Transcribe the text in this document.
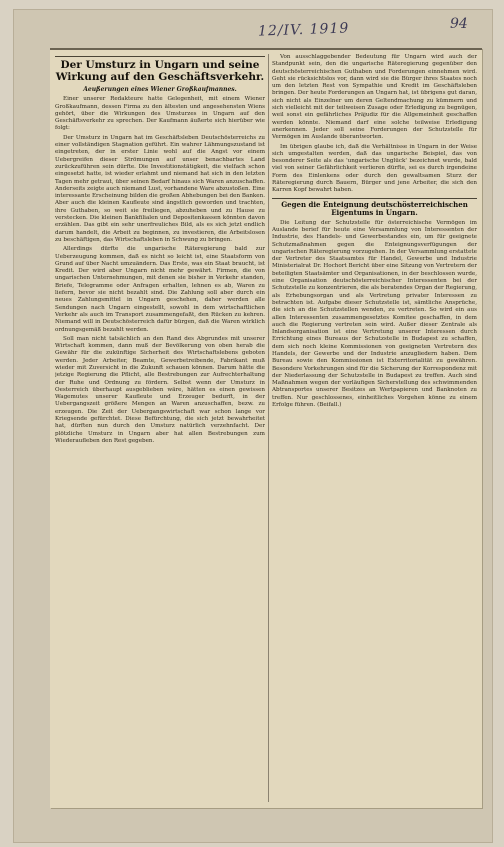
12/IV. 1919	94
Der Umsturz in Ungarn und seine Wirkung auf den Geschäftsverkehr.
Aeußerungen eines Wiener Großkaufmannes.

Einer unserer Redakteure hatte Gelegenheit, mit einem Wiener Großkaufmann, dessen Firma zu den ältesten und angesehensten Wiens gehört, über die Wirkungen des Umsturzes in Ungarn auf den Geschäftsverkehr zu sprechen. Der Kaufmann äußerte sich hierüber wie folgt:

Der Umsturz in Ungarn hat im Geschäftsleben Deutschösterreichs zu einer vollständigen Stagnation geführt. Ein wahrer Lähmungszustand ist eingetreten, der in erster Linie wohl auf die Angst vor einem Uebergreifen dieser Strömungen auf unser benachbartes Land zurückzuführen sein dürfte. Die Investitionstätigkeit, die vielfach schon eingesetzt hatte, ist wieder erlahmt und niemand hat sich in den letzten Tagen mehr getraut, über seinen Bedarf hinaus sich Waren anzuschaffen. Anderseits zeigte auch niemand Lust, vorhandene Ware abzustoßen. Eine interessante Erscheinung bilden die großen Abhebungen bei den Banken. Aber auch die kleinen Kaufleute sind ängstlich geworden und trachten, ihre Guthaben, so weit sie freiliegen, abzuheben und zu Hause zu verstecken. Die kleinen Bankfilialen und Depositenkassen könnten davon erzählen. Das gibt ein sehr unerfreuliches Bild, als es sich jetzt endlich darum handelt, die Arbeit zu beginnen, zu investieren, die Arbeitslosen zu beschäftigen, das Wirtschaftsleben in Schwung zu bringen.

Allerdings dürfte die ungarische Räteregierung bald zur Ueberzeugung kommen, daß es nicht so leicht ist, eine Staatsform von Grund auf über Nacht umzuändern. Das Erste, was ein Staat braucht, ist Kredit. Der wird aber Ungarn nicht mehr gewährt. Firmen, die von ungarischen Unternehmungen, mit denen sie bisher in Verkehr standen, Briefe, Telegramme oder Anfragen erhalten, lehnen es ab, Waren zu liefern, bevor sie nicht bezahlt sind. Die Zahlung soll aber durch ein neues Zahlungsmittel in Ungarn geschehen, daher werden alle Sendungen nach Ungarn eingestellt, sowohl in dem wirtschaftlichen Verkehr als auch im Transport zusammengefaßt, den Rücken zu kehren. Niemand will in Deutschösterreich dafür bürgen, daß die Waren wirklich ordnungsgemäß bezahlt werden.

Soll man nicht tatsächlich an den Rand des Abgrundes mit unserer Wirtschaft kommen, dann muß der Bevölkerung von oben herab die Gewähr für die zukünftige Sicherheit des Wirtschaftslebens geboten werden. Jeder Arbeiter, Beamte, Gewerbetreibende, Fabrikant muß wieder mit Zuversicht in die Zukunft schauen können. Darum hätte die jetzige Regierung die Pflicht, alle Bestrebungen zur Aufrechterhaltung der Ruhe und Ordnung zu fördern. Selbst wenn der Umsturz in Oesterreich überhaupt ausgeblieben wäre, hätten es einen gewissen Wagemutes unserer Kaufleute und Erzeuger bedurft, in der Uebergangszeit größere Mengen an Waren anzuschaffen, bezw. zu erzeugen. Die Zeit der Uebergangswirtschaft war schon lange vor Kriegsende gefürchtet. Diese Befürchtung, die sich jetzt bewahrheitet hat, dürften nun durch den Umsturz natürlich verzehnfacht. Der plötzliche Umsturz in Ungarn aber hat allen Bestrebungen zum Wiederaufleben den Rest gegeben.

Von ausschlaggebender Bedeutung für Ungarn wird auch der Standpunkt sein, den die ungarische Räteregierung gegenüber den deutschösterreichischen Guthaben und Forderungen einnehmen wird. Geht sie rücksichtslos vor, dann wird sie die Bürger ihres Staates noch um den letzten Rest von Sympathie und Kredit im Geschäftsleben bringen. Der heute Forderungen an Ungarn hat, ist übrigens gut daran, sich nicht als Einzelner um deren Geltendmachung zu kümmern und sich vielleicht mit der teilweisen Zusage oder Erledigung zu begnügen, weil sonst ein gefährliches Präjudiz für die Allgemeinheit geschaffen werden könnte. Niemand darf eine solche teilweise Erledigung anerkennen. Jeder soll seine Forderungen der Schutzstelle für Vermögen im Auslande überantworten.

Im übrigen glaube ich, daß die Verhältnisse in Ungarn in der Weise sich umgestalten werden, daß das ungarische Beispiel, das von besonderer Seite als das 'ungarische Unglück' bezeichnet wurde, bald viel von seiner Gefährlichkeit verlieren dürfte, sei es durch irgendeine Form des Einlenkens oder durch den gewaltsamen Sturz der Räteregierung durch Bauern, Bürger und jene Arbeiter, die sich den Karren Kopf bewahrt haben.

Gegen die Enteignung deutschösterreichischen Eigentums in Ungarn.

Die Leitung der Schutzstelle für österreichische Vermögen im Auslande berief für heute eine Versammlung von Interessenten der Industrie, des Handels- und Gewerbestandes ein, um für geeignete Schutzmaßnahmen gegen die Enteignungsverfügungen der ungarischen Räteregierung vorzugehen. In der Versammlung erstattete der Vertreter des Staatsamtes für Handel, Gewerbe und Industrie Ministerialrat Dr. Hochort Bericht über eine Sitzung von Vertretern der beteiligten Staatsämter und Organisationen, in der beschlossen wurde, eine Organisation deutschösterreichischer Interessenten bei der Schutzstelle zu konzentrieren, die als beratendes Organ der Regierung, als Erhebungsorgan und als Vertretung privater Interessen zu betrachten ist. Aufgabe dieser Schutzstelle ist, sämtliche Ansprüche, die sich an die Schutzstellen wenden, zu vertreten. So wird ein aus allen Interessenten zusammengesetztes Komitee geschaffen, in dem auch die Regierung vertreten sein wird. Außer dieser Zentrale als Inlandsorganisation ist eine Vertretung unserer Interessen durch Errichtung eines Bureaus der Schutzstelle in Budapest zu schaffen, dem sich noch kleine Kommissionen von geeigneten Vertretern des Handels, der Gewerbe und der Industrie anzugliedern haben. Dem Bureau sowie den Kommissionen ist Exterritorialität zu gewähren. Besondere Vorkehrungen sind für die Sicherung der Korrespondenz mit der Niederlassung der Schutzstelle in Budapest zu treffen. Auch sind Maßnahmen wegen der vorläufigen Sicherstellung des schwimmenden Abtransportes unserer Besitzes an Wertpapieren und Banknoten zu treffen. Nur geschlossenes, einheitliches Vorgehen könne zu einem Erfolge führen. (Beifall.)
